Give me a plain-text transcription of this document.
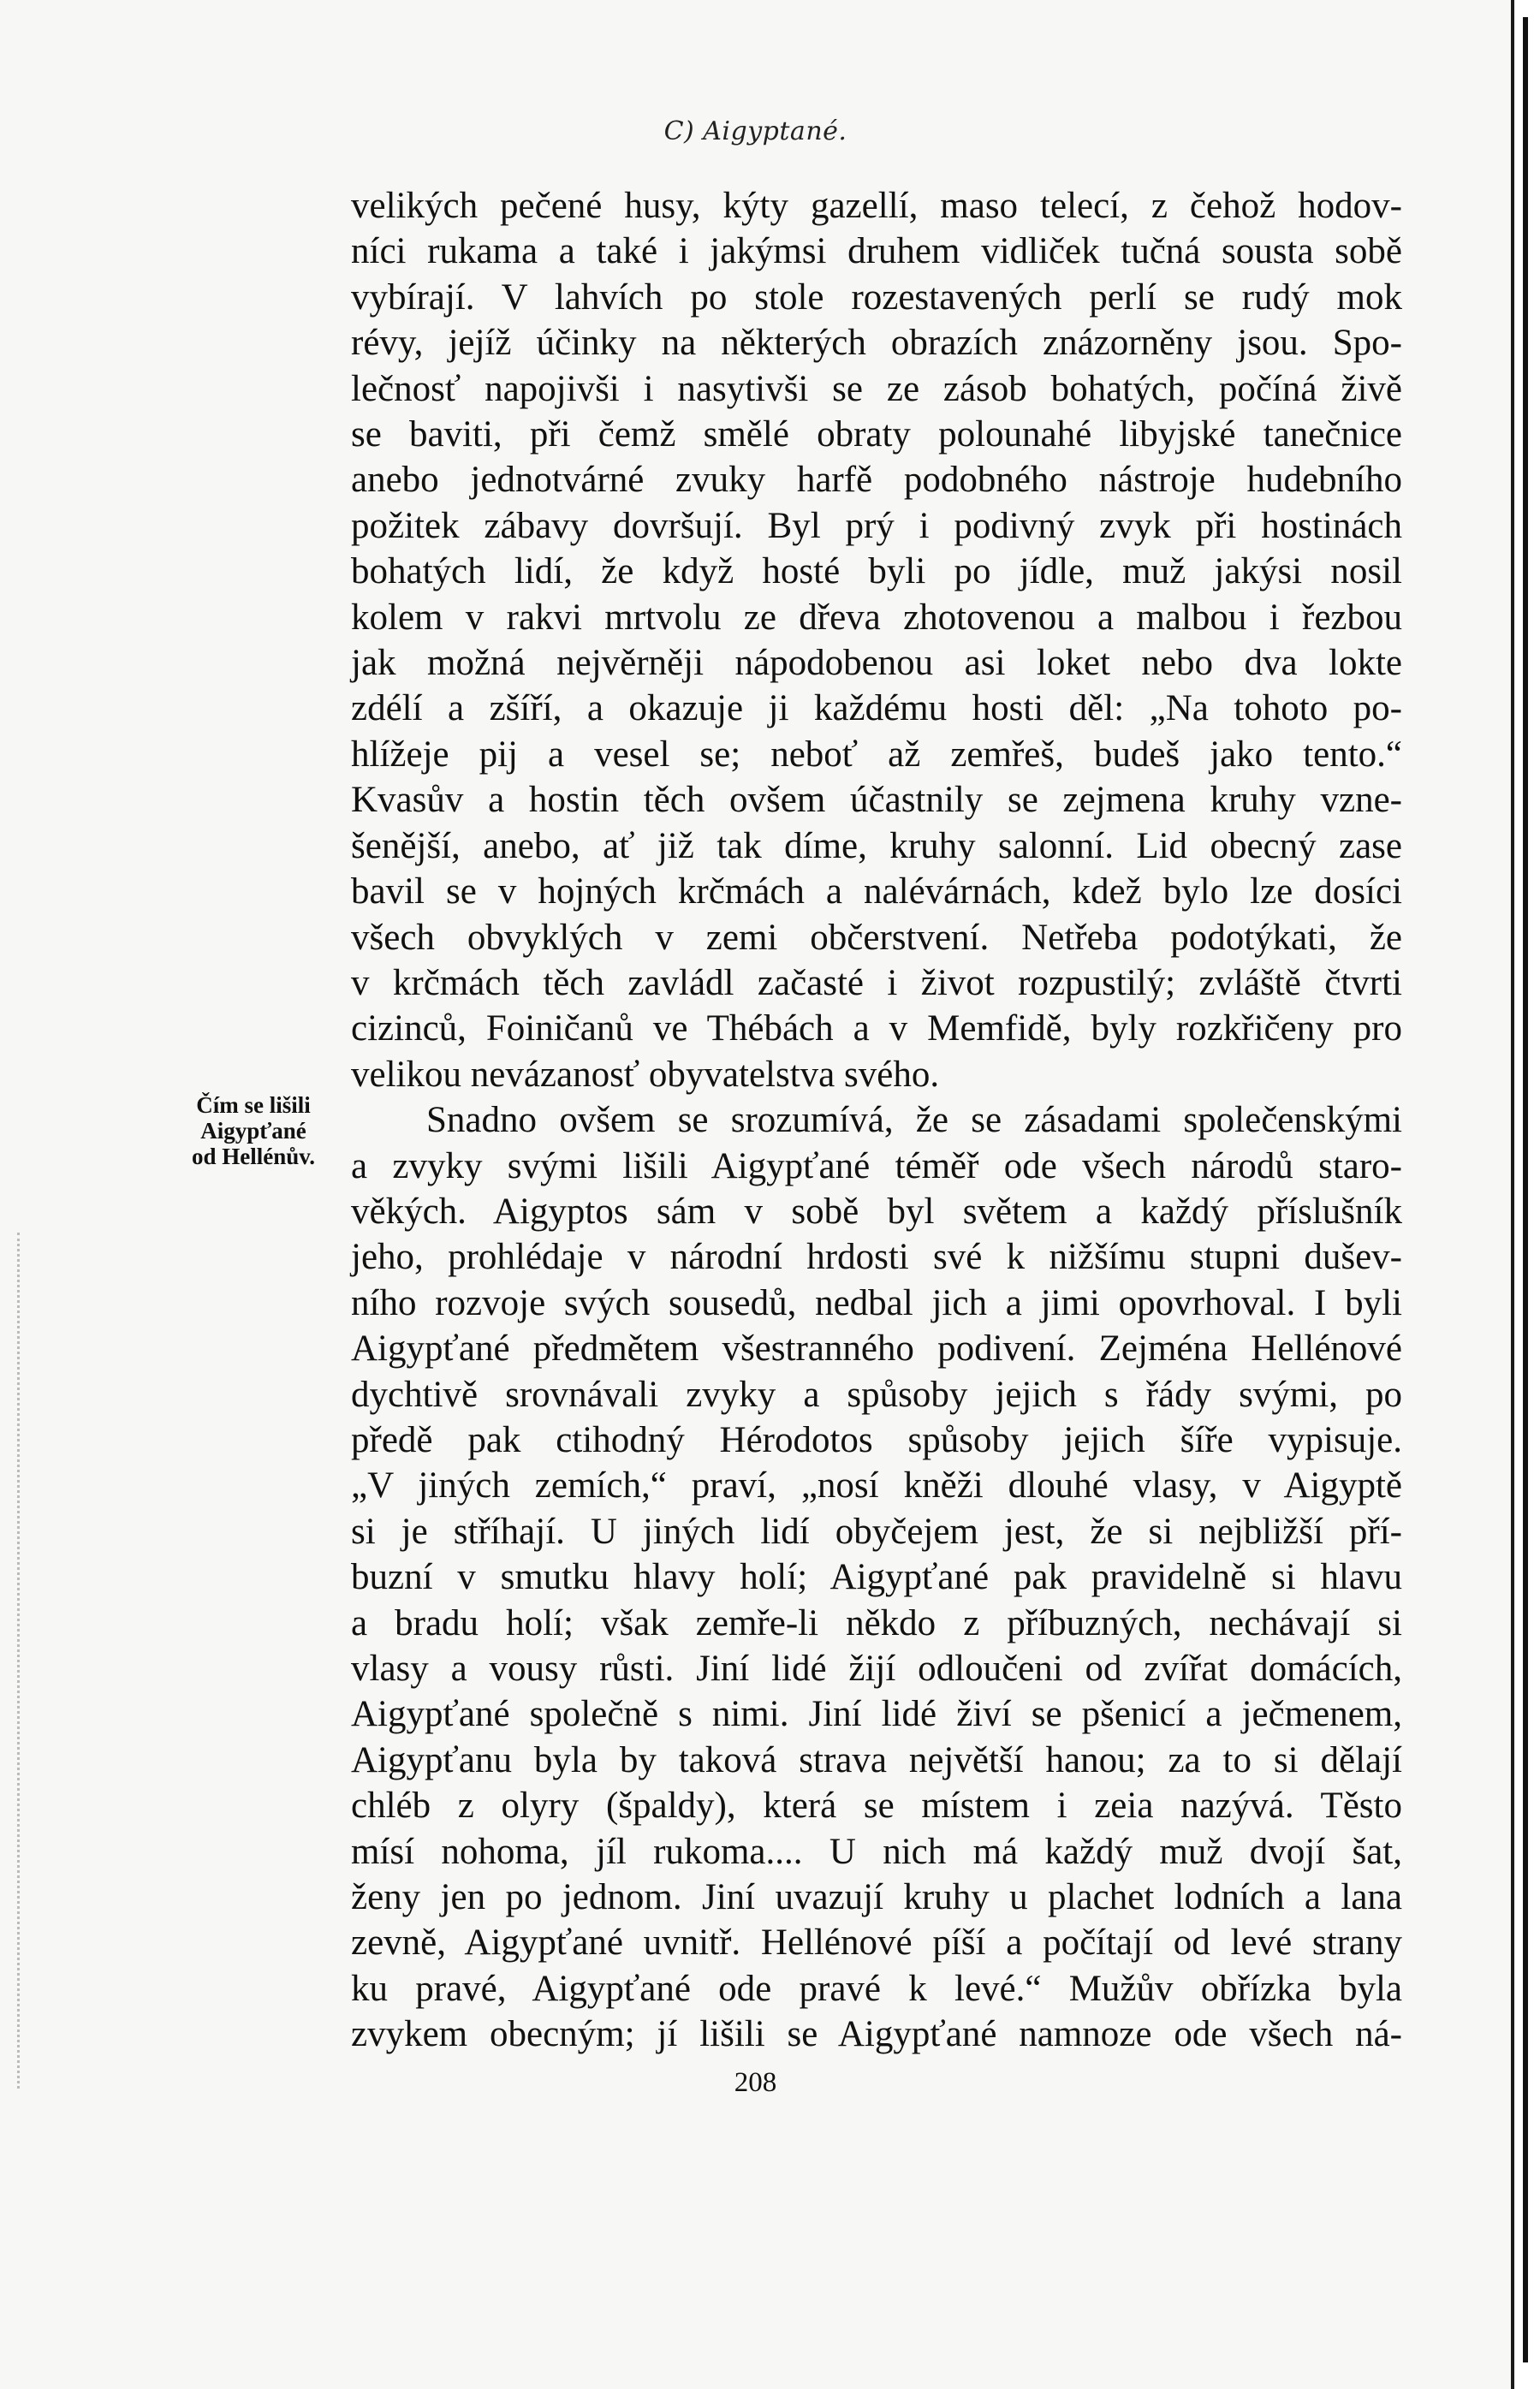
C) Aigyptané.
Čím se lišili
Aigypťané
od Hellénův.
velikých pečené husy, kýty gazellí, maso telecí, z čehož hodov-
níci rukama a také i jakýmsi druhem vidliček tučná sousta sobě
vybírají. V lahvích po stole rozestavených perlí se rudý mok
révy, jejíž účinky na některých obrazích znázorněny jsou. Spo-
lečnosť napojivši i nasytivši se ze zásob bohatých, počíná živě
se baviti, při čemž smělé obraty polounahé libyjské tanečnice
anebo jednotvárné zvuky harfě podobného nástroje hudebního
požitek zábavy dovršují. Byl prý i podivný zvyk při hostinách
bohatých lidí, že když hosté byli po jídle, muž jakýsi nosil
kolem v rakvi mrtvolu ze dřeva zhotovenou a malbou i řezbou
jak možná nejvěrněji nápodobenou asi loket nebo dva lokte
zdélí a zšíří, a okazuje ji každému hosti děl: „Na tohoto po-
hlížeje pij a vesel se; neboť až zemřeš, budeš jako tento.“
Kvasův a hostin těch ovšem účastnily se zejmena kruhy vzne-
šenější, anebo, ať již tak díme, kruhy salonní. Lid obecný zase
bavil se v hojných krčmách a nalévárnách, kdež bylo lze dosíci
všech obvyklých v zemi občerstvení. Netřeba podotýkati, že
v krčmách těch zavládl začasté i život rozpustilý; zvláště čtvrti
cizinců, Foiničanů ve Thébách a v Memfidě, byly rozkřičeny pro
velikou nevázanosť obyvatelstva svého.
Snadno ovšem se srozumívá, že se zásadami společenskými
a zvyky svými lišili Aigypťané téměř ode všech národů staro-
věkých. Aigyptos sám v sobě byl světem a každý příslušník
jeho, prohlédaje v národní hrdosti své k nižšímu stupni dušev-
ního rozvoje svých sousedů, nedbal jich a jimi opovrhoval. I byli
Aigypťané předmětem všestranného podivení. Zejména Hellénové
dychtivě srovnávali zvyky a spůsoby jejich s řády svými, po
předě pak ctihodný Hérodotos spůsoby jejich šíře vypisuje.
„V jiných zemích,“ praví, „nosí kněži dlouhé vlasy, v Aigyptě
si je stříhají. U jiných lidí obyčejem jest, že si nejbližší pří-
buzní v smutku hlavy holí; Aigypťané pak pravidelně si hlavu
a bradu holí; však zemře-li někdo z příbuzných, nechávají si
vlasy a vousy růsti. Jiní lidé žijí odloučeni od zvířat domácích,
Aigypťané společně s nimi. Jiní lidé živí se pšenicí a ječmenem,
Aigypťanu byla by taková strava největší hanou; za to si dělají
chléb z olyry (špaldy), která se místem i zeia nazývá. Těsto
mísí nohoma, jíl rukoma.... U nich má každý muž dvojí šat,
ženy jen po jednom. Jiní uvazují kruhy u plachet lodních a lana
zevně, Aigypťané uvnitř. Hellénové píší a počítají od levé strany
ku pravé, Aigypťané ode pravé k levé.“ Mužův obřízka byla
zvykem obecným; jí lišili se Aigypťané namnoze ode všech ná-
208
